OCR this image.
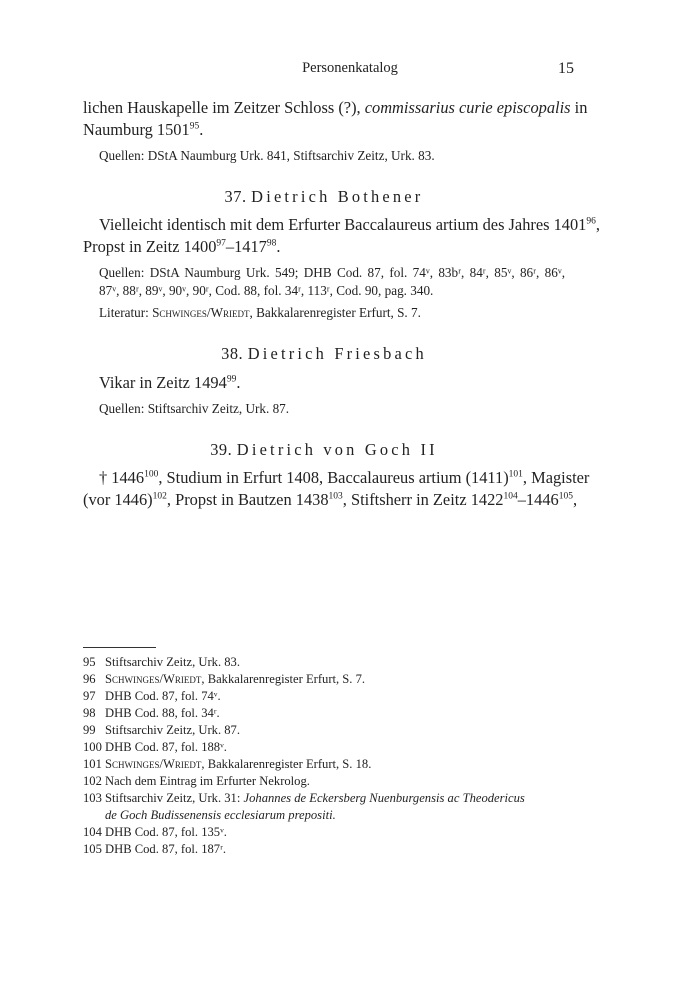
Personenkatalog	15
lichen Hauskapelle im Zeitzer Schloss (?), commissarius curie episcopalis in
Naumburg 1501$^{95}$.
Quellen: DStA Naumburg Urk. 841, Stiftsarchiv Zeitz, Urk. 83.
37. Dietrich Bothener
Vielleicht identisch mit dem Erfurter Baccalaureus artium des Jahres 1401$^{96}$,
Propst in Zeitz 1400$^{97}$–1417$^{98}$.
Quellen: DStA Naumburg Urk. 549; DHB Cod. 87, fol. 74ᵛ, 83bʳ, 84ʳ, 85ᵛ, 86ʳ, 86ᵛ,
87ᵛ, 88ʳ, 89ᵛ, 90ᵛ, 90ʳ, Cod. 88, fol. 34ʳ, 113ʳ, Cod. 90, pag. 340.
Literatur: Schwinges/Wriedt, Bakkalarenregister Erfurt, S. 7.
38. Dietrich Friesbach
Vikar in Zeitz 1494$^{99}$.
Quellen: Stiftsarchiv Zeitz, Urk. 87.
39. Dietrich von Goch II
† 1446$^{100}$, Studium in Erfurt 1408, Baccalaureus artium $(1411)^{101}$, Magister
(vor 1446)$^{102}$, Propst in Bautzen 1438$^{103}$, Stiftsherr in Zeitz 1422$^{104}$–1446$^{105}$,
95 Stiftsarchiv Zeitz, Urk. 83.
96 Schwinges/Wriedt, Bakkalarenregister Erfurt, S. 7.
97 DHB Cod. 87, fol. 74ᵛ.
98 DHB Cod. 88, fol. 34ʳ.
99 Stiftsarchiv Zeitz, Urk. 87.
100 DHB Cod. 87, fol. 188ᵛ.
101 Schwinges/Wriedt, Bakkalarenregister Erfurt, S. 18.
102 Nach dem Eintrag im Erfurter Nekrolog.
103 Stiftsarchiv Zeitz, Urk. 31: Johannes de Eckersberg Nuenburgensis ac Theodericus
de Goch Budissenensis ecclesiarum prepositi.
104 DHB Cod. 87, fol. 135ᵛ.
105 DHB Cod. 87, fol. 187ʳ.
